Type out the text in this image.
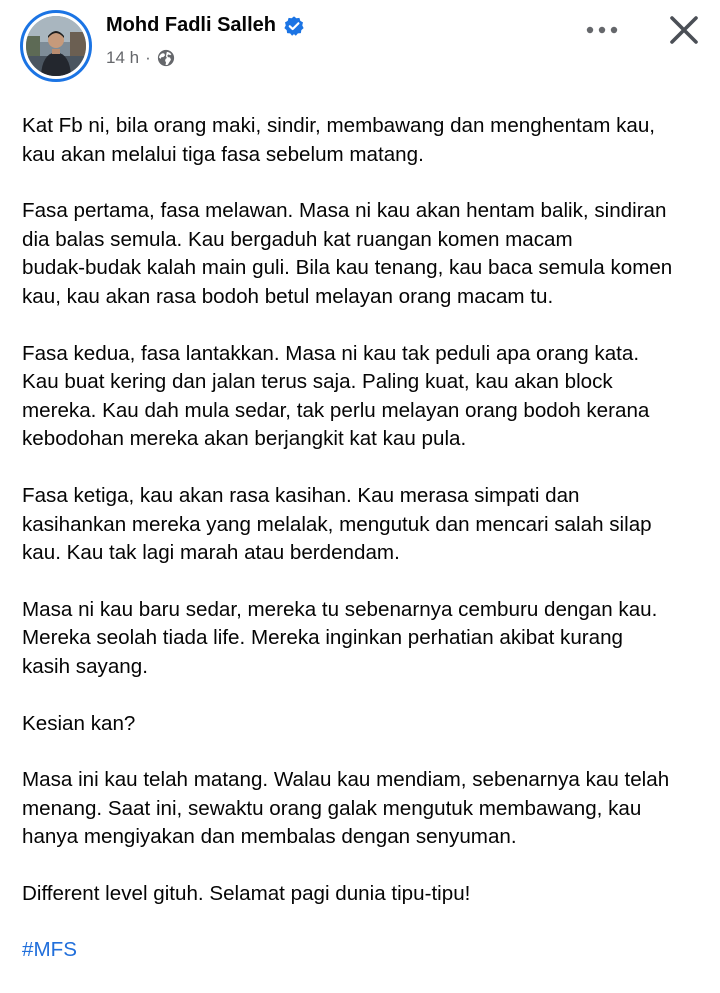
Mohd Fadli Salleh
14 h ·

Kat Fb ni, bila orang maki, sindir, membawang dan menghentam kau,
kau akan melalui tiga fasa sebelum matang.

Fasa pertama, fasa melawan. Masa ni kau akan hentam balik, sindiran
dia balas semula. Kau bergaduh kat ruangan komen macam
budak-budak kalah main guli. Bila kau tenang, kau baca semula komen
kau, kau akan rasa bodoh betul melayan orang macam tu.

Fasa kedua, fasa lantakkan. Masa ni kau tak peduli apa orang kata.
Kau buat kering dan jalan terus saja. Paling kuat, kau akan block
mereka. Kau dah mula sedar, tak perlu melayan orang bodoh kerana
kebodohan mereka akan berjangkit kat kau pula.

Fasa ketiga, kau akan rasa kasihan. Kau merasa simpati dan
kasihankan mereka yang melalak, mengutuk dan mencari salah silap
kau. Kau tak lagi marah atau berdendam.

Masa ni kau baru sedar, mereka tu sebenarnya cemburu dengan kau.
Mereka seolah tiada life. Mereka inginkan perhatian akibat kurang
kasih sayang.

Kesian kan?

Masa ini kau telah matang. Walau kau mendiam, sebenarnya kau telah
menang. Saat ini, sewaktu orang galak mengutuk membawang, kau
hanya mengiyakan dan membalas dengan senyuman.

Different level gituh. Selamat pagi dunia tipu-tipu!

#MFS
